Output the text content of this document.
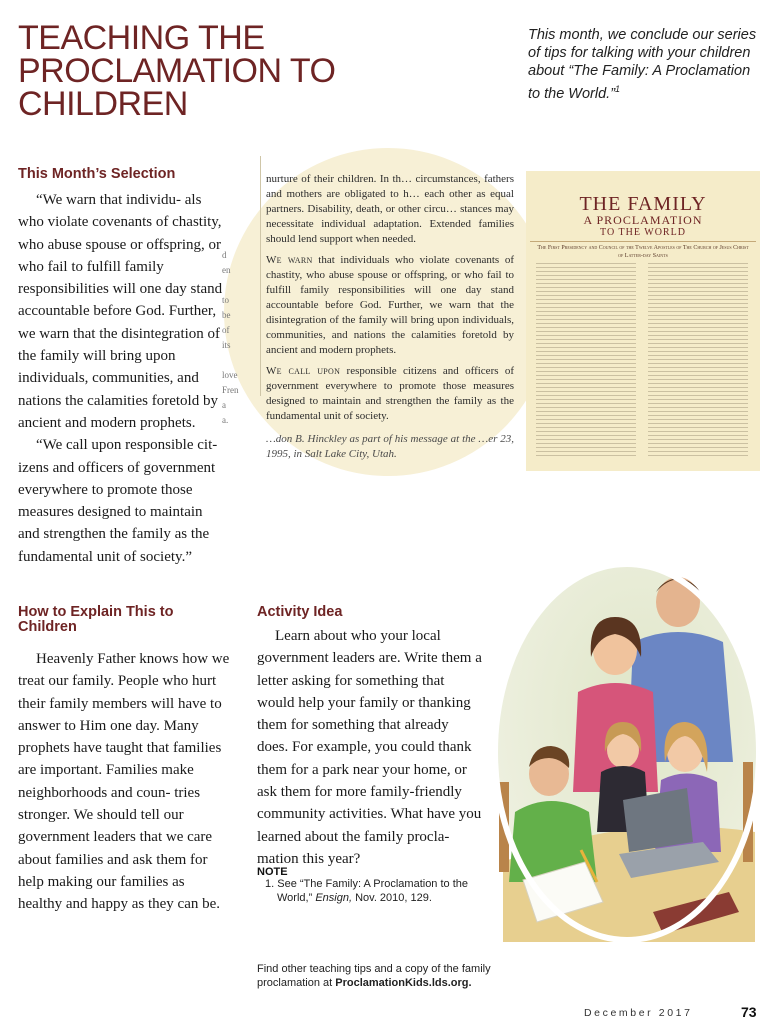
TEACHING THE PROCLAMATION TO CHILDREN
This month, we conclude our series of tips for talking with your children about “The Family: A Proclamation to the World.”$^1$
d
en

to be
of its

love
Fren
a
a.

nurture of their children. In th… circumstances, fathers and mothers are obligated to h… each other as equal partners. Disability, death, or other circu… stances may necessitate individual adaptation. Extended families should lend support when needed.

We warn that individuals who violate covenants of chastity, who abuse spouse or offspring, or who fail to fulfill family responsibilities will one day stand accountable before God. Further, we warn that the disintegration of the family will bring upon individuals, communities, and nations the calamities foretold by ancient and modern prophets.

We call upon responsible citizens and officers of government everywhere to promote those measures designed to maintain and strengthen the family as the fundamental unit of society.

…don B. Hinckley as part of his message at the …er 23, 1995, in Salt Lake City, Utah.

THE FAMILY
A PROCLAMATION
TO THE WORLD
The First Presidency and Council of the Twelve Apostles of The Church of Jesus Christ of Latter-day Saints
This Month’s Selection

“We warn that individu- als who violate covenants of chastity, who abuse spouse or offspring, or who fail to fulfill family responsibilities will one day stand accountable before God. Further, we warn that the disintegration of the family will bring upon individuals, communities, and nations the calamities foretold by ancient and modern prophets.

“We call upon responsible cit- izens and officers of government everywhere to promote those measures designed to maintain and strengthen the family as the fundamental unit of society.”

How to Explain This to Children

Heavenly Father knows how we treat our family. People who hurt their family members will have to answer to Him one day. Many prophets have taught that families are important. Families make neighborhoods and coun- tries stronger. We should tell our government leaders that we care about families and ask them for help making our families as healthy and happy as they can be.

Activity Idea

Learn about who your local government leaders are. Write them a letter asking for something that would help your family or thanking them for something that already does. For example, you could thank them for a park near your home, or ask them for more family-friendly community activities. What have you learned about the family procla- mation this year?

NOTE
1. See “The Family: A Proclamation to the World,” Ensign, Nov. 2010, 129.
Find other teaching tips and a copy of the family proclamation at ProclamationKids.lds.org.
December 2017	73
